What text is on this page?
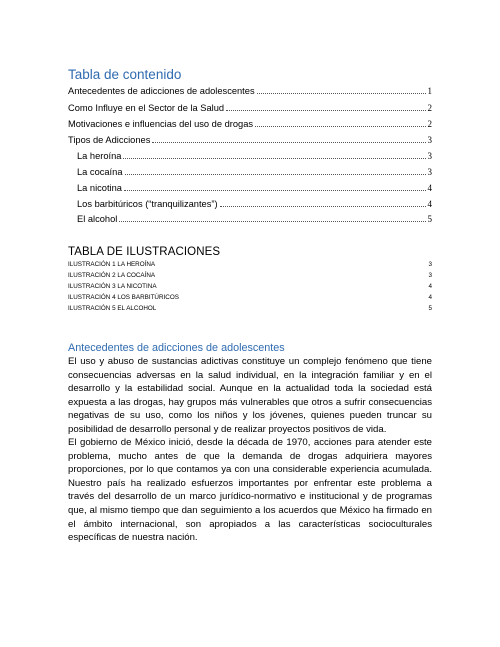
Tabla de contenido
Antecedentes de adicciones de adolescentes	1
Como Influye en el Sector de la Salud	2
Motivaciones e influencias del uso de drogas	2
Tipos de Adicciones	3
La heroína	3
La cocaína	3
La nicotina	4
Los barbitúricos (“tranquilizantes”)	4
El alcohol	5
TABLA DE ILUSTRACIONES
ILUSTRACIÓN 1 LA HEROÍNA	3
ILUSTRACIÓN 2 LA COCAÍNA	3
ILUSTRACIÓN 3 LA NICOTINA	4
ILUSTRACIÓN 4 LOS BARBITÚRICOS	4
ILUSTRACIÓN 5 EL ALCOHOL	5
Antecedentes de adicciones de adolescentes

El uso y abuso de sustancias adictivas constituye un complejo fenómeno que tiene consecuencias adversas en la salud individual, en la integración familiar y en el desarrollo y la estabilidad social. Aunque en la actualidad toda la sociedad está expuesta a las drogas, hay grupos más vulnerables que otros a sufrir consecuencias negativas de su uso, como los niños y los jóvenes, quienes pueden truncar su posibilidad de desarrollo personal y de realizar proyectos positivos de vida.

El gobierno de México inició, desde la década de 1970, acciones para atender este problema, mucho antes de que la demanda de drogas adquiriera mayores proporciones, por lo que contamos ya con una considerable experiencia acumulada. Nuestro país ha realizado esfuerzos importantes por enfrentar este problema a través del desarrollo de un marco jurídico-normativo e institucional y de programas que, al mismo tiempo que dan seguimiento a los acuerdos que México ha firmado en el ámbito internacional, son apropiados a las características socioculturales específicas de nuestra nación.
